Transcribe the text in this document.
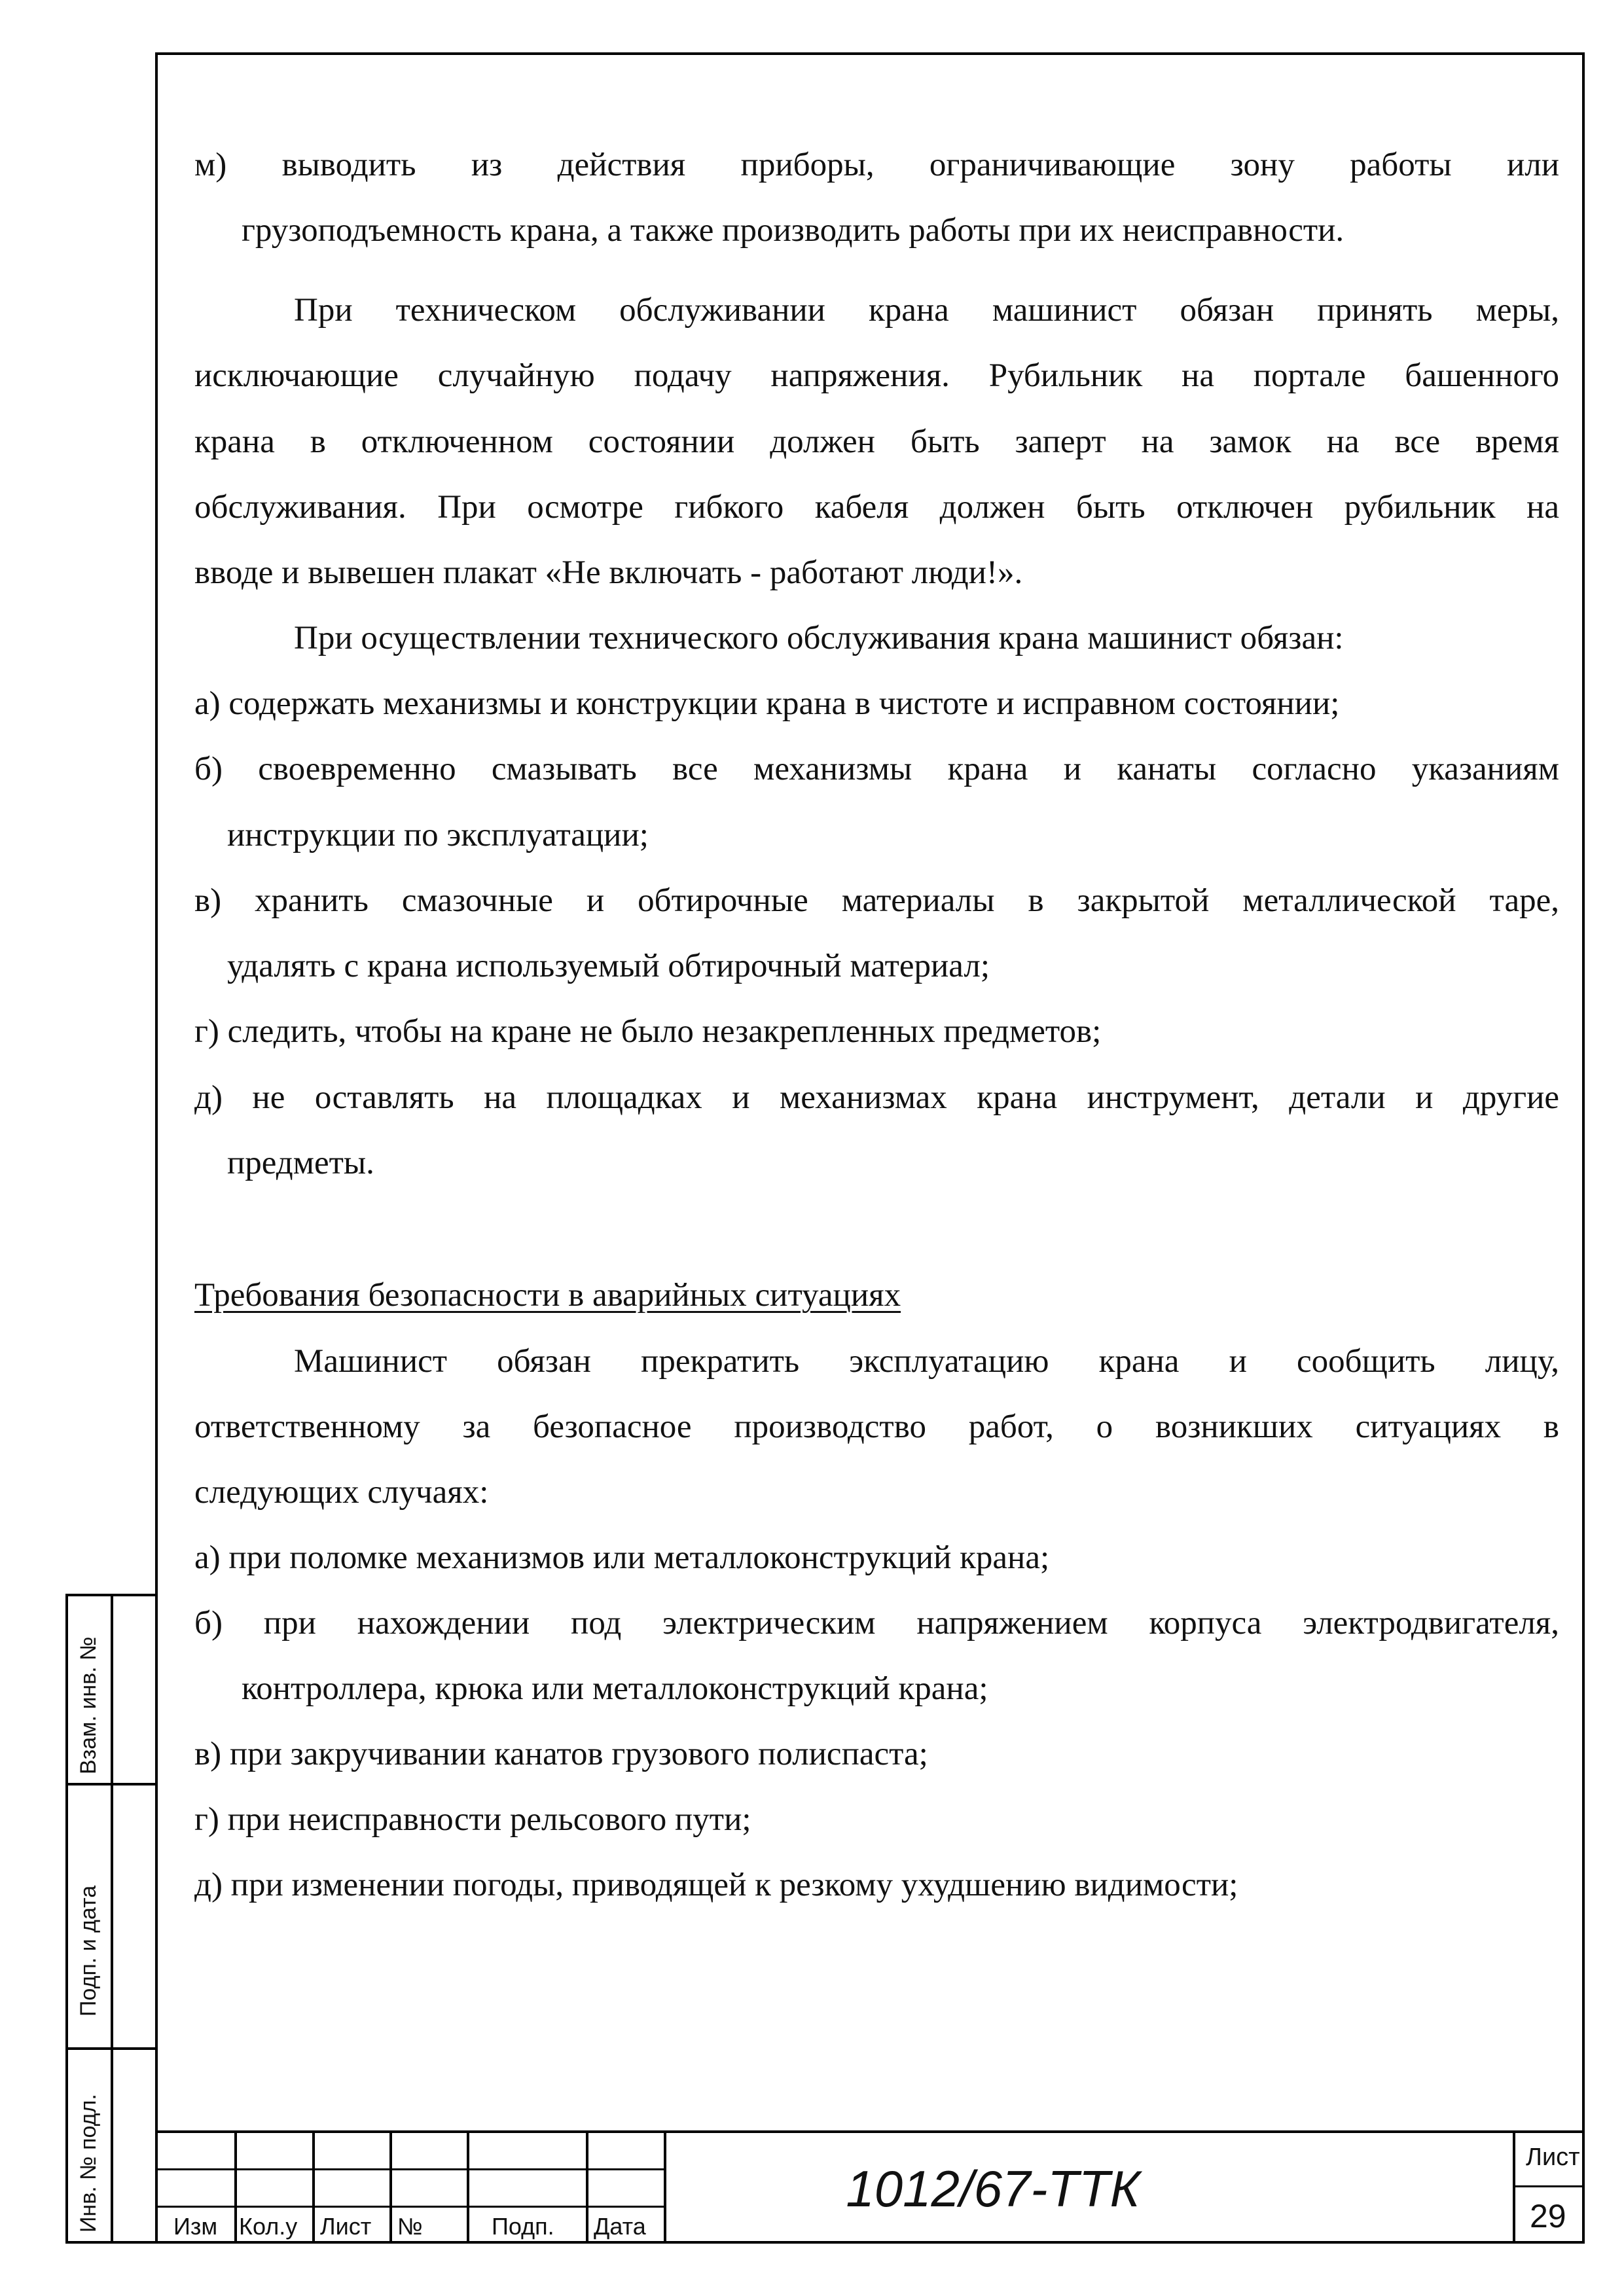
м) выводить из действия приборы, ограничивающие зону работы или
грузоподъемность крана, а также производить работы при их неисправности.
При техническом обслуживании крана машинист обязан принять меры,
исключающие случайную подачу напряжения. Рубильник на портале башенного
крана в отключенном состоянии должен быть заперт на замок на все время
обслуживания. При осмотре гибкого кабеля должен быть отключен рубильник на
вводе и вывешен плакат «Не включать - работают люди!».
При осуществлении технического обслуживания крана машинист обязан:
а) содержать механизмы и конструкции крана в чистоте и исправном состоянии;
б) своевременно смазывать все механизмы крана и канаты согласно указаниям
инструкции по эксплуатации;
в) хранить смазочные и обтирочные материалы в закрытой металлической таре,
удалять с крана используемый обтирочный материал;
г) следить, чтобы на кране не было незакрепленных предметов;
д) не оставлять на площадках и механизмах крана инструмент, детали и другие
предметы.
Требования безопасности в аварийных ситуациях
Машинист обязан прекратить эксплуатацию крана и сообщить лицу,
ответственному за безопасное производство работ, о возникших ситуациях в
следующих случаях:
а) при поломке механизмов или металлоконструкций крана;
б) при нахождении под электрическим напряжением корпуса электродвигателя,
контроллера, крюка или металлоконструкций крана;
в) при закручивании канатов грузового полиспаста;
г) при неисправности рельсового пути;
д) при изменении погоды, приводящей к резкому ухудшению видимости;
Взам. инв. №
Подп. и дата
Инв. № подл.	Изм Кол.у Лист №	Подп. Дата
1012/67-ТТК
Лист
29
